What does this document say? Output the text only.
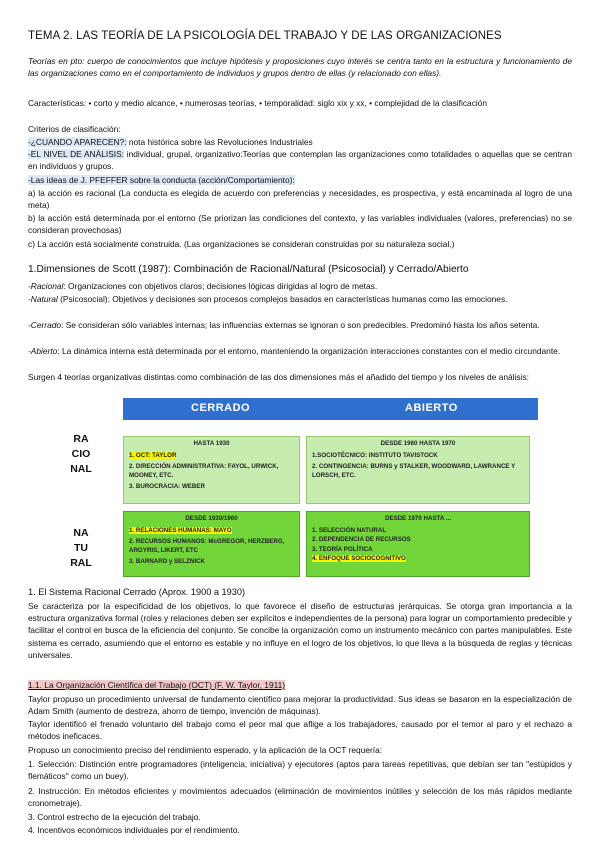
TEMA 2. LAS TEORÍA DE LA PSICOLOGÍA DEL TRABAJO Y DE LAS ORGANIZACIONES
Teorías en pto: cuerpo de conocimientos que incluye hipótesis y proposiciones cuyo interés se centra tanto en la estructura y funcionamiento de las organizaciones como en el comportamiento de individuos y grupos dentro de ellas (y relacionado con ellas).
Características: • corto y medio alcance, • numerosas teorías, • temporalidad: siglo xix y xx, • complejidad de la clasificación
Criterios de clasificación:
-¿CUANDO APARECEN?: nota histórica sobre las Revoluciones Industriales
-EL NIVEL DE ANÁLISIS: individual, grupal, organizativo:Teorías que contemplan las organizaciones como totalidades o aquellas que se centran en individuos y grupos.
-Las ideas de J. PFEFFER sobre la conducta (acción/Comportamiento):
a) la acción es racional (La conducta es elegida de acuerdo con preferencias y necesidades, es prospectiva, y está encaminada al logro de una meta)
b) la acción está determinada por el entorno (Se priorizan las condiciones del contexto, y las variables individuales (valores, preferencias) no se consideran provechosas)
c) La acción está socialmente construida. (Las organizaciones se consideran construidas por su naturaleza social.)
1.Dimensiones de Scott (1987): Combinación de Racional/Natural (Psicosocial) y Cerrado/Abierto
-Racional: Organizaciones con objetivos claros; decisiones lógicas dirigidas al logro de metas.
-Natural (Psicosocial): Objetivos y decisiones son procesos complejos basados en características humanas como las emociones.
-Cerrado: Se consideran sólo variables internas; las influencias externas se ignoran o son predecibles. Predominó hasta los años setenta.
-Abierto: La dinámica interna está determinada por el entorno, manteniendo la organización interacciones constantes con el medio circundante.
Surgen 4 teorías organizativas distintas como combinación de las dos dimensiones más el añadido del tiempo y los niveles de análisis:
CERRADO	ABIERTO
RA
CIO
NAL
NA
TU
RAL
HASTA 1930
1. OCT: TAYLOR
2. DIRECCIÓN ADMINISTRATIVA: FAYOL, URWICK, MOONEY, ETC.
3. BUROCRACIA: WEBER
DESDE 1960 HASTA 1970
1.SOCIOTÉCNICO: INSTITUTO TAVISTOCK
2. CONTINGENCIA: BURNS y STALKER, WOODWARD, LAWRANCE Y LORSCH, ETC.
DESDE 1930/1960
1. RELACIONES HUMANAS: MAYO
2. RECURSOS HUMANOS: McGREGOR, HERZBERG, ARGYRIS, LIKERT, ETC
3. BARNARD y SELZNICK
DESDE 1970 HASTA ...
1. SELECCIÓN NATURAL
2. DEPENDENCIA DE RECURSOS
3. TEORÍA POLÍTICA
4. ENFOQUE SOCIOCOGNITIVO
1. El Sistema Racional Cerrado (Aprox. 1900 a 1930)
Se caracteriza por la especificidad de los objetivos, lo que favorece el diseño de estructuras jerárquicas. Se otorga gran importancia a la estructura organizativa formal (roles y relaciones deben ser explícitos e independientes de la persona) para lograr un comportamiento predecible y facilitar el control en busca de la eficiencia del conjunto. Se concibe la organización como un instrumento mecánico con partes manipulables. Este sistema es cerrado, asumiendo que el entorno es estable y no influye en el logro de los objetivos, lo que lleva a la búsqueda de reglas y técnicas universales.
1.1. La Organización Científica del Trabajo (OCT) (F. W. Taylor, 1911)
Taylor propuso un procedimiento universal de fundamento científico para mejorar la productividad. Sus ideas se basaron en la especialización de Adam Smith (aumento de destreza, ahorro de tiempo, invención de máquinas).
Taylor identificó el frenado voluntario del trabajo como el peor mal que aflige a los trabajadores, causado por el temor al paro y el rechazo a métodos ineficaces.
Propuso un conocimiento preciso del rendimiento esperado, y la aplicación de la OCT requería:
1. Selección: Distinción entre programadores (inteligencia, iniciativa) y ejecutores (aptos para tareas repetitivas, que debían ser tan "estúpidos y flemáticos" como un buey).
2. Instrucción: En métodos eficientes y movimientos adecuados (eliminación de movimientos inútiles y selección de los más rápidos mediante cronometraje).
3. Control estrecho de la ejecución del trabajo.
4. Incentivos económicos individuales por el rendimiento.
